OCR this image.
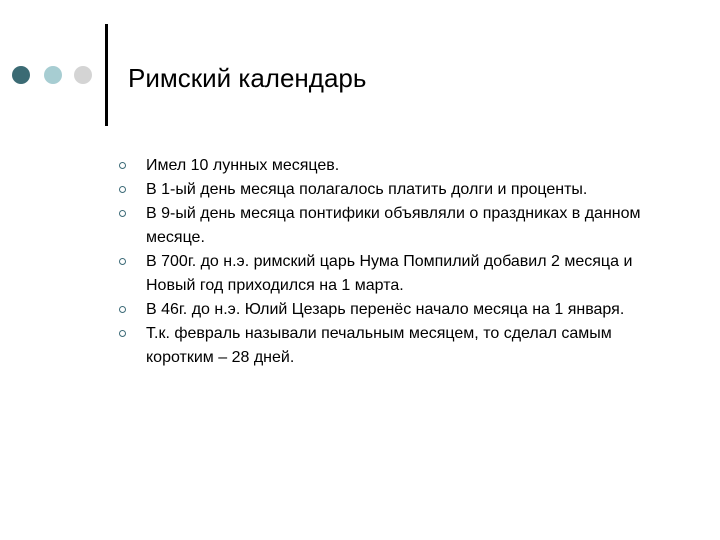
Римский календарь
Имел 10 лунных месяцев.
В 1-ый день месяца полагалось платить долги и проценты.
В 9-ый день месяца понтифики объявляли о праздниках в данном месяце.
В 700г. до н.э. римский царь Нума Помпилий добавил 2 месяца и Новый год приходился на 1 марта.
В 46г. до н.э. Юлий Цезарь перенёс начало месяца на 1 января.
Т.к. февраль называли печальным месяцем, то сделал самым коротким – 28 дней.
